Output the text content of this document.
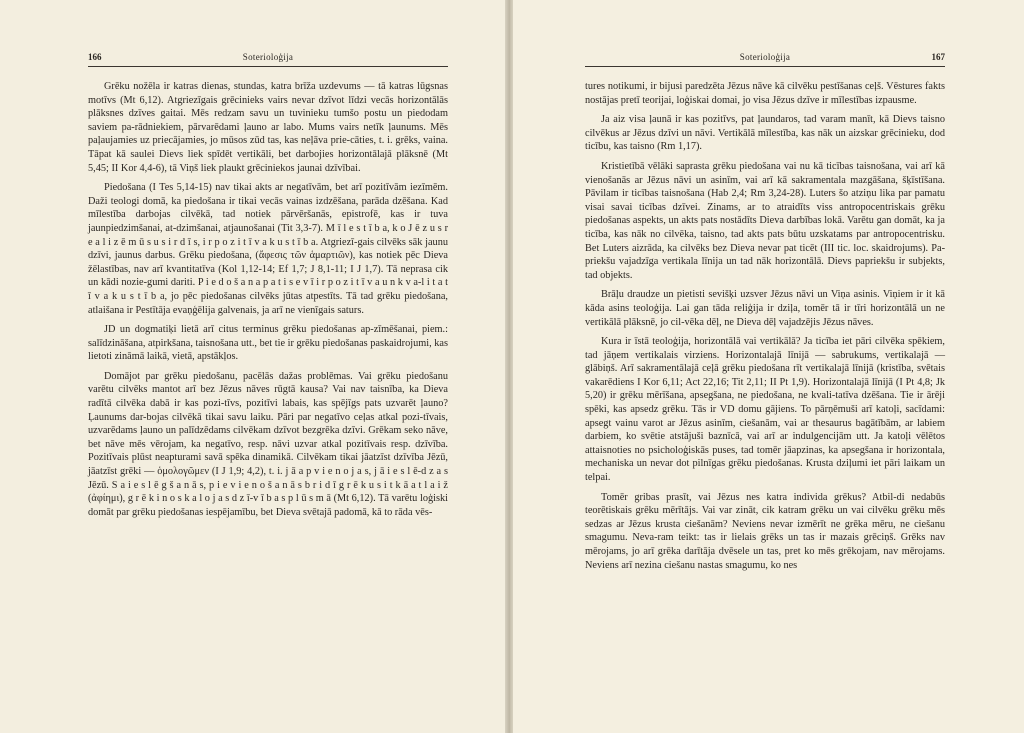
166	Soterioloģija

Grēku nožēla ir katras dienas, stundas, katra brīža uzdevums — tā katras lūgsnas motīvs (Mt 6,12). Atgriezīgais grēcinieks vairs nevar dzīvot līdzi vecās horizontālās plāksnes dzīves gaitai. Mēs redzam savu un tuvinieku tumšo postu un piedodam saviem pa-rādniekiem, pārvarēdami ļauno ar labo. Mums vairs netīk ļaunums. Mēs paļaujamies uz priecājamies, jo mūsos zūd tas, kas neļāva prie-cāties, t. i. grēks, vaina. Tāpat kā saulei Dievs liek spīdēt vertikāli, bet darbojies horizontālajā plāksnē (Mt 5,45; II Kor 4,4-6), tā Viņš liek plaukt grēciniekos jaunai dzīvībai.

Piedošana (I Tes 5,14-15) nav tikai akts ar negatīvām, bet arī pozitīvām iezīmēm. Daži teologi domā, ka piedošana ir tikai vecās vainas izdzēšana, parāda dzēšana. Kad mīlestība darbojas cilvēkā, tad notiek pārvēršanās, epistrofē, kas ir tuva jaunpiedzimšanai, at-dzimšanai, atjaunošanai (Tit 3,3-7). M ī l e s t ī b a, k o J ē z u s r e a l i z ē m ū s u s i r d ī s, i r p o z i t ī v a k u s t ī b a. Atgriezī-gais cilvēks sāk jaunu dzīvi, jaunus darbus. Grēku piedošana, (ἄφεσις τῶν ἁμαρτιῶν), kas notiek pēc Dieva žēlastības, nav arī kvantitatīva (Kol 1,12-14; Ef 1,7; J 8,1-11; I J 1,7). Tā neprasa cik un kādi nozie-gumi dariti. P i e d o š a n a p a t i s e v ī i r p o z i t ī v a u n k v a-l i t a t ī v a k u s t ī b a, jo pēc piedošanas cilvēks jūtas atpestīts. Tā tad grēku piedošana, atlaišana ir Pestītāja evaņģēlija galvenais, ja arī ne vienīgais saturs.

JD un dogmatiķi lietā arī citus terminus grēku piedošanas ap-zīmēšanai, piem.: salīdzināšana, atpirkšana, taisnošana utt., bet tie ir grēku piedošanas paskaidrojumi, kas lietoti zināmā laikā, vietā, apstākļos.

Domājot par grēku piedošanu, pacēlās dažas problēmas. Vai grēku piedošanu varētu cilvēks mantot arī bez Jēzus nāves rūgtā kausa? Vai nav taisnība, ka Dieva radītā cilvēka dabā ir kas pozi-tīvs, pozitīvi labais, kas spējīgs pats uzvarēt ļauno? Ļaunums dar-bojas cilvēkā tikai savu laiku. Pāri par negatīvo ceļas atkal pozi-tīvais, uzvarēdams ļauno un palīdzēdams cilvēkam dzīvot bezgrēka dzīvi. Grēkam seko nāve, bet nāve mēs vērojam, ka negatīvo, resp. nāvi uzvar atkal pozitīvais resp. dzīvība. Pozitīvais plūst neapturami savā spēka dinamikā. Cilvēkam tikai jāatzīst dzīvība Jēzū, jāatzīst grēki — ὁμολογῶμεν (I J 1,9; 4,2), t. i. j ā a p v i e n o j a s, j ā i e s l ē-d z a s Jēzū. S a i e s l ē g š a n ā s, p i e v i e n o š a n ā s b r i d ī g r ē k u s i t k ā a t l a i ž (ἀφίημι), g r ē k i n o s k a l o j a s d z ī-v ī b a s p l ū s m ā (Mt 6,12). Tā varētu loģiski domāt par grēku piedošanas iespējamību, bet Dieva svētajā padomā, kā to rāda vēs-

Soterioloģija	167

tures notikumi, ir bijusi paredzēta Jēzus nāve kā cilvēku pestīšanas ceļš. Vēstures fakts nostājas pretī teorijai, loģiskai domai, jo visa Jēzus dzīve ir mīlestības izpausme.

Ja aiz visa ļaunā ir kas pozitīvs, pat ļaundaros, tad varam manīt, kā Dievs taisno cilvēkus ar Jēzus dzīvi un nāvi. Vertikālā mīlestība, kas nāk un aizskar grēcinieku, dod ticību, kas taisno (Rm 1,17).

Kristietībā vēlāki saprasta grēku piedošana vai nu kā ticības taisnošana, vai arī kā vienošanās ar Jēzus nāvi un asinīm, vai arī kā sakramentala mazgāšana, šķīstīšana. Pāvilam ir ticības taisnošana (Hab 2,4; Rm 3,24-28). Luters šo atziņu lika par pamatu visai savai ticības dzīvei. Zinams, ar to atraidīts viss antropocentriskais grēku piedošanas aspekts, un akts pats nostādīts Dieva darbības lokā. Varētu gan domāt, ka ja ticība, kas nāk no cilvēka, taisno, tad akts pats būtu uzskatams par antropocentrisku. Bet Luters aizrāda, ka cilvēks bez Dieva nevar pat ticēt (III tic. loc. skaidrojums). Pa-priekšu vajadzīga vertikala līnija un tad nāk horizontālā. Dievs papriekšu ir subjekts, tad objekts.

Brāļu draudze un pietisti sevišķi uzsver Jēzus nāvi un Viņa asinis. Viņiem ir it kā kāda asins teoloģija. Lai gan tāda reliģija ir dziļa, tomēr tā ir tīri horizontālā un ne vertikālā plāksnē, jo cil-vēka dēļ, ne Dieva dēļ vajadzējis Jēzus nāves.

Kura ir īstā teoloģija, horizontālā vai vertikālā? Ja ticība iet pāri cilvēka spēkiem, tad jāņem vertikalais virziens. Horizontalajā līnijā — sabrukums, vertikalajā — glābiņš. Arī sakramentālajā ceļā grēku piedošana rīt vertikalajā līnijā (kristība, svētais vakarēdiens I Kor 6,11; Act 22,16; Tit 2,11; II Pt 1,9). Horizontalajā līnijā (I Pt 4,8; Jk 5,20) ir grēku mērīšana, apsegšana, ne piedošana, ne kvali-tatīva dzēšana. Tie ir ārēji spēki, kas apsedz grēku. Tās ir VD domu gājiens. To pārņēmuši arī katoļi, sacīdami: apsegt vainu varot ar Jēzus asinīm, ciešanām, vai ar thesaurus bagātībām, ar labiem darbiem, ko svētie atstājuši baznīcā, vai arī ar indulgencijām utt. Ja katoļi vēlētos attaisnoties no psicholoģiskās puses, tad tomēr jāapzinas, ka apsegšana ir horizontala, mechaniska un nevar dot pilnīgas grēku piedošanas. Krusta dziļumi iet pāri laikam un telpai.

Tomēr gribas prasīt, vai Jēzus nes katra individa grēkus? Atbil-di nedabūs teorētiskais grēku mērītājs. Vai var zināt, cik katram grēku un vai cilvēku grēku mēs sedzas ar Jēzus krusta ciešanām? Neviens nevar izmērīt ne grēka mēru, ne ciešanu smagumu. Neva-ram teikt: tas ir lielais grēks un tas ir mazais grēciņš. Grēks nav mērojams, jo arī grēka darītāja dvēsele un tas, pret ko mēs grēkojam, nav mērojams. Neviens arī nezina ciešanu nastas smagumu, ko nes
